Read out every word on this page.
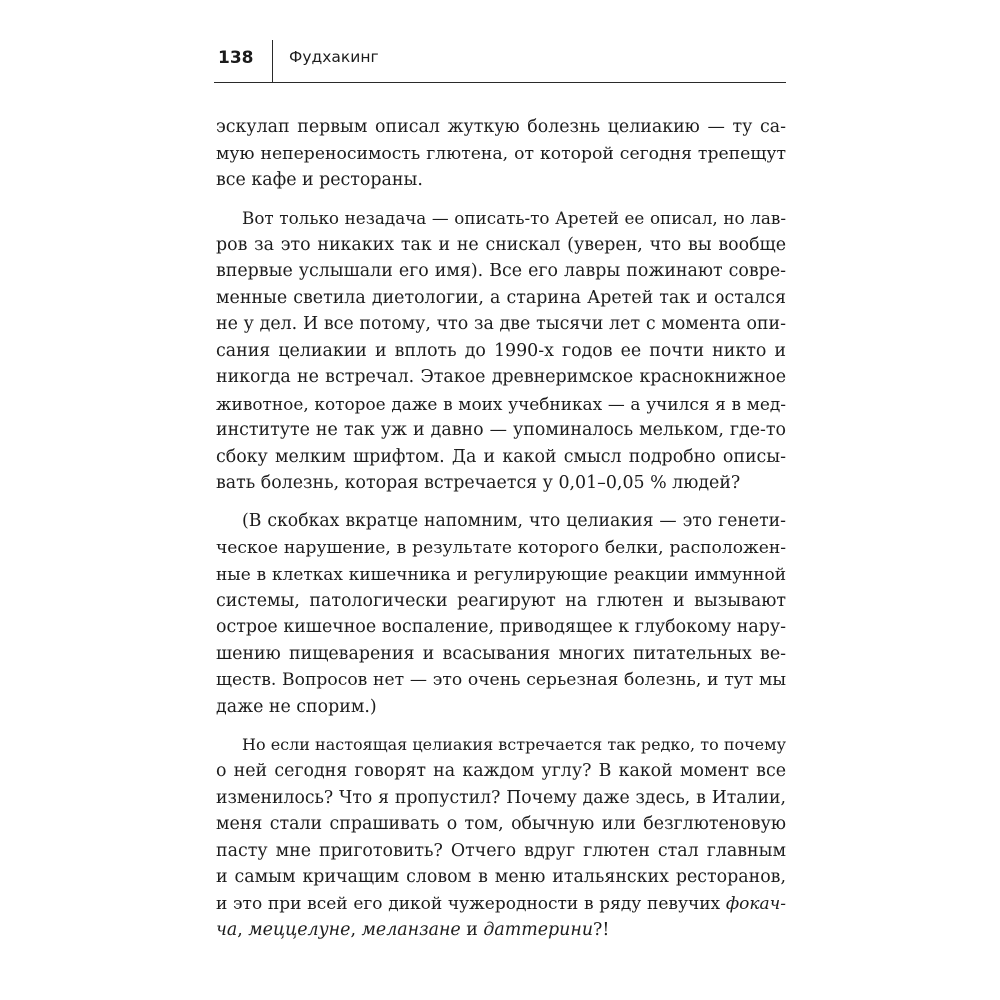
138 Фудхакинг

эскулап первым описал жуткую болезнь целиакию — ту са-
мую непереносимость глютена, от которой сегодня трепещут
все кафе и рестораны.

Вот только незадача — описать-то Аретей ее описал, но лав-
ров за это никаких так и не снискал (уверен, что вы вообще
впервые услышали его имя). Все его лавры пожинают совре-
менные светила диетологии, а старина Аретей так и остался
не у дел. И все потому, что за две тысячи лет с момента опи-
сания целиакии и вплоть до 1990-х годов ее почти никто и
никогда не встречал. Этакое древнеримское краснокнижное
животное, которое даже в моих учебниках — а учился я в мед-
институте не так уж и давно — упоминалось мельком, где-то
сбоку мелким шрифтом. Да и какой смысл подробно описы-
вать болезнь, которая встречается у 0,01–0,05 % людей?

(В скобках вкратце напомним, что целиакия — это генети-
ческое нарушение, в результате которого белки, расположен-
ные в клетках кишечника и регулирующие реакции иммунной
системы, патологически реагируют на глютен и вызывают
острое кишечное воспаление, приводящее к глубокому нару-
шению пищеварения и всасывания многих питательных ве-
ществ. Вопросов нет — это очень серьезная болезнь, и тут мы
даже не спорим.)

Но если настоящая целиакия встречается так редко, то почему
о ней сегодня говорят на каждом углу? В какой момент все
изменилось? Что я пропустил? Почему даже здесь, в Италии,
меня стали спрашивать о том, обычную или безглютеновую
пасту мне приготовить? Отчего вдруг глютен стал главным
и самым кричащим словом в меню итальянских ресторанов,
и это при всей его дикой чужеродности в ряду певучих фокач-
ча, меццелуне, меланзане и даттерини?!
